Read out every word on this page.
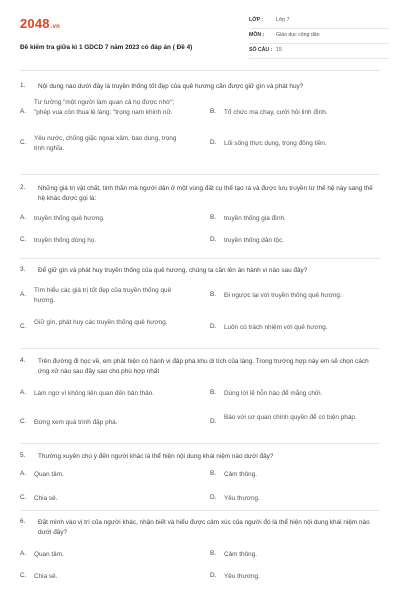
2048.vn
Đề kiểm tra giữa kì 1 GDCD 7 năm 2023 có đáp án ( Đề 4)
LỚP : Lớp 7
MÔN : Giáo dục công dân
SỐ CÂU : 15
1. Nội dung nào dưới đây là truyền thống tốt đẹp của quê hương cần được giữ gìn và phát huy?
A.
Tư tưởng "một người làm quan cả họ được nhờ"; "phép vua còn thua lệ làng; "trọng nam khinh nữ.	B. Tổ chức ma chay, cưới hỏi linh đình.
C.
Yêu nước, chống giặc ngoại xâm, bao dung, trọng tình nghĩa.
D. Lối sống thực dụng, trọng đồng tiền.
2. Những giá trị vật chất, tinh thần mà người dân ở một vùng đất cụ thể tạo ra và được lưu truyền từ thế hệ này sang thế hệ khác được gọi là:
A. truyền thống quê hương.	B. truyền thống gia đình.
C. truyền thống dòng họ.	D. truyền thống dân tộc.
3. Để giữ gìn và phát huy truyền thống của quê hương, chúng ta cần lên án hành vi nào sau đây?
A.
Tìm hiểu các giá trị tốt đẹp của truyền thống quê hương.
B. Đi ngược lại với truyền thống quê hương.
C.
Giữ gìn, phát huy các truyền thống quê hương.
D. Luôn có trách nhiệm với quê hương.
4. Trên đường đi học về, em phát hiện có hành vi đập phá khu di tích của làng. Trong trường hợp này em sẽ chọn cách ứng xử nào sau đây sao cho phù hợp nhất
A. Làm ngơ vì không liên quan đến bản thân.	B. Dùng lời lẽ hỗn hào để mắng chửi.
C. Đứng xem quá trình đập phá.	D.
Báo với cơ quan chính quyền để có biện pháp.
5. Thường xuyên chú ý đến người khác là thể hiện nội dung khái niệm nào dưới đây?
A. Quan tâm.	B. Cảm thông.
C. Chia sẻ.	D. Yêu thương.
6. Đặt mình vào vị trí của người khác, nhận biết và hiểu được cảm xúc của người đó là thể hiện nội dung khái niệm nào dưới đây?
A. Quan tâm.	B. Cảm thông.
C. Chia sẻ.	D. Yêu thương.
